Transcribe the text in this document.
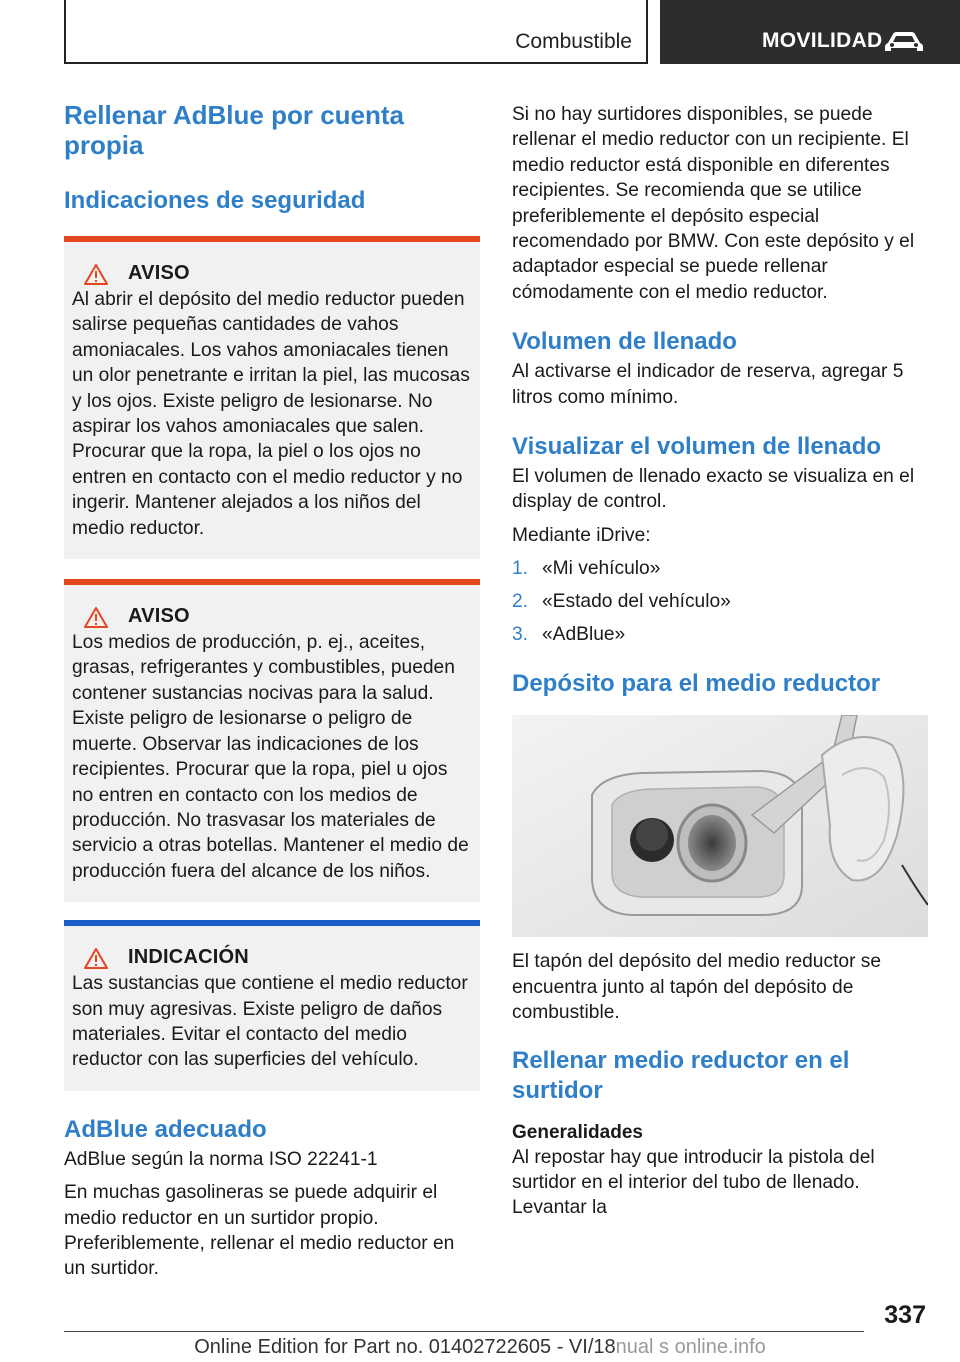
Combustible	MOVILIDAD
Rellenar AdBlue por cuenta propia
Indicaciones de seguridad
AVISO

Al abrir el depósito del medio reductor pueden salirse pequeñas cantidades de vahos amoniacales. Los vahos amoniacales tienen un olor penetrante e irritan la piel, las mucosas y los ojos. Existe peligro de lesionarse. No aspirar los vahos amoniacales que salen. Procurar que la ropa, la piel o los ojos no entren en contacto con el medio reductor y no ingerir. Mantener alejados a los niños del medio reductor.

AVISO

Los medios de producción, p. ej., aceites, grasas, refrigerantes y combustibles, pueden contener sustancias nocivas para la salud. Existe peligro de lesionarse o peligro de muerte. Observar las indicaciones de los recipientes. Procurar que la ropa, piel u ojos no entren en contacto con los medios de producción. No trasvasar los materiales de servicio a otras botellas. Mantener el medio de producción fuera del alcance de los niños.

INDICACIÓN

Las sustancias que contiene el medio reductor son muy agresivas. Existe peligro de daños materiales. Evitar el contacto del medio reductor con las superficies del vehículo.

AdBlue adecuado

AdBlue según la norma ISO 22241‑1

En muchas gasolineras se puede adquirir el medio reductor en un surtidor propio. Preferiblemente, rellenar el medio reductor en un surtidor.

Si no hay surtidores disponibles, se puede rellenar el medio reductor con un recipiente. El medio reductor está disponible en diferentes recipientes. Se recomienda que se utilice preferiblemente el depósito especial recomendado por BMW. Con este depósito y el adaptador especial se puede rellenar cómodamente con el medio reductor.

Volumen de llenado

Al activarse el indicador de reserva, agregar 5 litros como mínimo.

Visualizar el volumen de llenado

El volumen de llenado exacto se visualiza en el display de control.

Mediante iDrive:

1. «Mi vehículo»
2. «Estado del vehículo»
3. «AdBlue»
Depósito para el medio reductor

El tapón del depósito del medio reductor se encuentra junto al tapón del depósito de combustible.

Rellenar medio reductor en el surtidor
Generalidades

Al repostar hay que introducir la pistola del surtidor en el interior del tubo de llenado. Levantar la

337
Online Edition for Part no. 01402722605 - VI/18nual s online.info
